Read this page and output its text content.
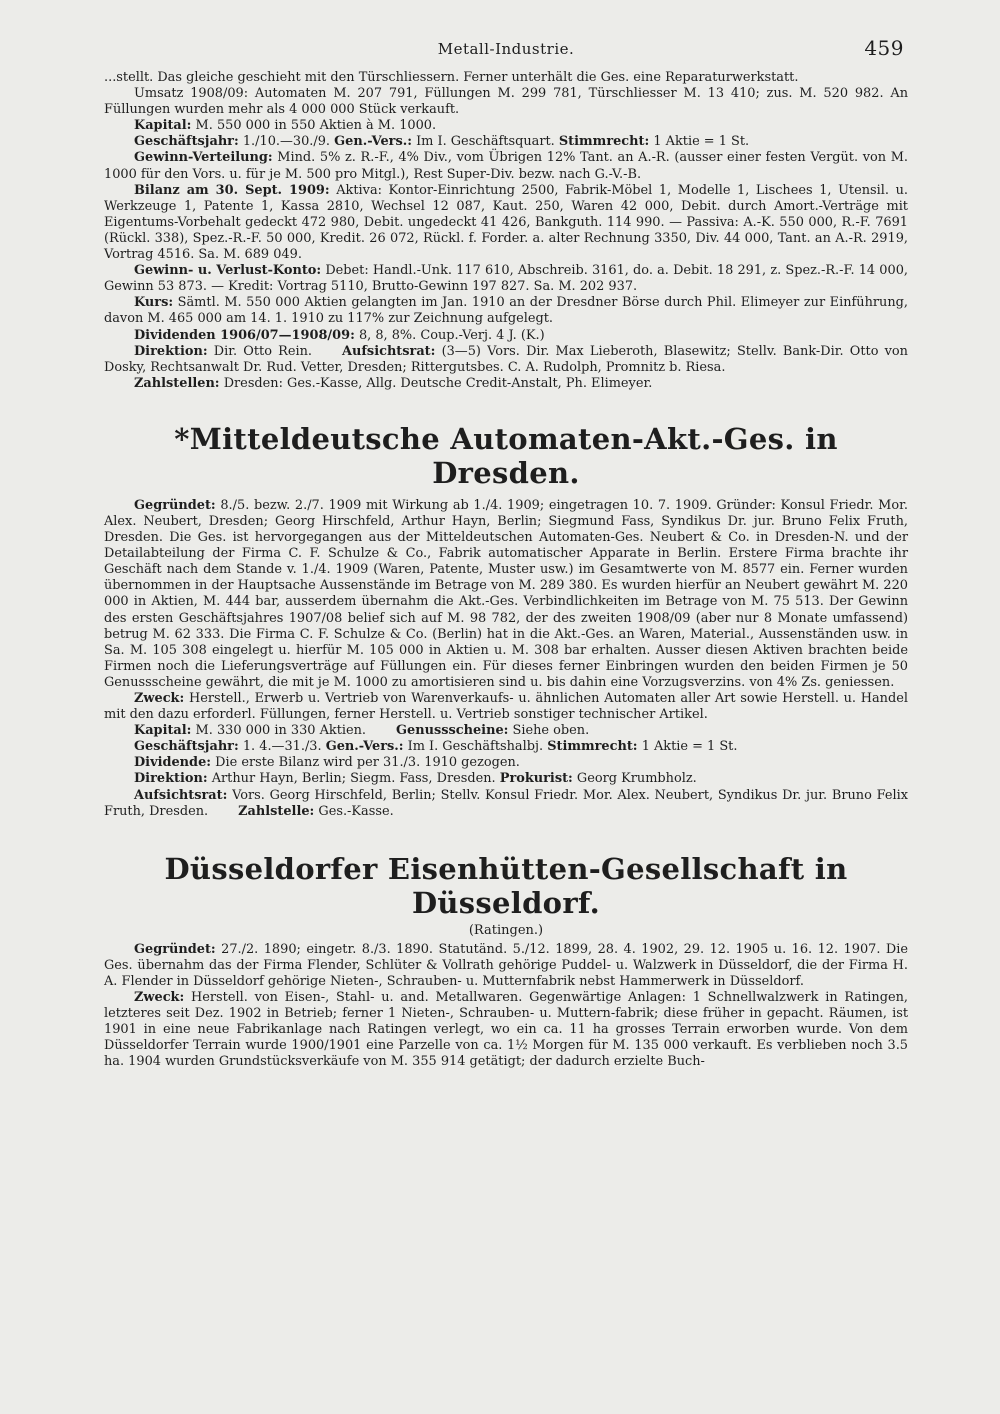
Metall-Industrie.	459

...stellt. Das gleiche geschieht mit den Türschliessern. Ferner unterhält die Ges. eine Reparaturwerkstatt.

Umsatz 1908/09: Automaten M. 207 791, Füllungen M. 299 781, Türschliesser M. 13 410; zus. M. 520 982. An Füllungen wurden mehr als 4 000 000 Stück verkauft.

Kapital: M. 550 000 in 550 Aktien à M. 1000.

Geschäftsjahr: 1./10.—30./9. Gen.-Vers.: Im I. Geschäftsquart. Stimmrecht: 1 Aktie = 1 St.

Gewinn-Verteilung: Mind. 5% z. R.-F., 4% Div., vom Übrigen 12% Tant. an A.-R. (ausser einer festen Vergüt. von M. 1000 für den Vors. u. für je M. 500 pro Mitgl.), Rest Super-Div. bezw. nach G.-V.-B.

Bilanz am 30. Sept. 1909: Aktiva: Kontor-Einrichtung 2500, Fabrik-Möbel 1, Modelle 1, Lischees 1, Utensil. u. Werkzeuge 1, Patente 1, Kassa 2810, Wechsel 12 087, Kaut. 250, Waren 42 000, Debit. durch Amort.-Verträge mit Eigentums-Vorbehalt gedeckt 472 980, Debit. ungedeckt 41 426, Bankguth. 114 990. — Passiva: A.-K. 550 000, R.-F. 7691 (Rückl. 338), Spez.-R.-F. 50 000, Kredit. 26 072, Rückl. f. Forder. a. alter Rechnung 3350, Div. 44 000, Tant. an A.-R. 2919, Vortrag 4516. Sa. M. 689 049.

Gewinn- u. Verlust-Konto: Debet: Handl.-Unk. 117 610, Abschreib. 3161, do. a. Debit. 18 291, z. Spez.-R.-F. 14 000, Gewinn 53 873. — Kredit: Vortrag 5110, Brutto-Gewinn 197 827. Sa. M. 202 937.

Kurs: Sämtl. M. 550 000 Aktien gelangten im Jan. 1910 an der Dresdner Börse durch Phil. Elimeyer zur Einführung, davon M. 465 000 am 14. 1. 1910 zu 117% zur Zeichnung aufgelegt.

Dividenden 1906/07—1908/09: 8, 8, 8%. Coup.-Verj. 4 J. (K.)

Direktion: Dir. Otto Rein. Aufsichtsrat: (3—5) Vors. Dir. Max Lieberoth, Blasewitz; Stellv. Bank-Dir. Otto von Dosky, Rechtsanwalt Dr. Rud. Vetter, Dresden; Rittergutsbes. C. A. Rudolph, Promnitz b. Riesa.

Zahlstellen: Dresden: Ges.-Kasse, Allg. Deutsche Credit-Anstalt, Ph. Elimeyer.

*Mitteldeutsche Automaten-Akt.-Ges. in Dresden.

Gegründet: 8./5. bezw. 2./7. 1909 mit Wirkung ab 1./4. 1909; eingetragen 10. 7. 1909. Gründer: Konsul Friedr. Mor. Alex. Neubert, Dresden; Georg Hirschfeld, Arthur Hayn, Berlin; Siegmund Fass, Syndikus Dr. jur. Bruno Felix Fruth, Dresden. Die Ges. ist hervorgegangen aus der Mitteldeutschen Automaten-Ges. Neubert & Co. in Dresden-N. und der Detailabteilung der Firma C. F. Schulze & Co., Fabrik automatischer Apparate in Berlin. Erstere Firma brachte ihr Geschäft nach dem Stande v. 1./4. 1909 (Waren, Patente, Muster usw.) im Gesamtwerte von M. 8577 ein. Ferner wurden übernommen in der Hauptsache Aussenstände im Betrage von M. 289 380. Es wurden hierfür an Neubert gewährt M. 220 000 in Aktien, M. 444 bar, ausserdem übernahm die Akt.-Ges. Verbindlichkeiten im Betrage von M. 75 513. Der Gewinn des ersten Geschäftsjahres 1907/08 belief sich auf M. 98 782, der des zweiten 1908/09 (aber nur 8 Monate umfassend) betrug M. 62 333. Die Firma C. F. Schulze & Co. (Berlin) hat in die Akt.-Ges. an Waren, Material., Aussenständen usw. in Sa. M. 105 308 eingelegt u. hierfür M. 105 000 in Aktien u. M. 308 bar erhalten. Ausser diesen Aktiven brachten beide Firmen noch die Lieferungsverträge auf Füllungen ein. Für dieses ferner Einbringen wurden den beiden Firmen je 50 Genussscheine gewährt, die mit je M. 1000 zu amortisieren sind u. bis dahin eine Vorzugsverzins. von 4% Zs. geniessen.

Zweck: Herstell., Erwerb u. Vertrieb von Warenverkaufs- u. ähnlichen Automaten aller Art sowie Herstell. u. Handel mit den dazu erforderl. Füllungen, ferner Herstell. u. Vertrieb sonstiger technischer Artikel.

Kapital: M. 330 000 in 330 Aktien. Genussscheine: Siehe oben.

Geschäftsjahr: 1. 4.—31./3. Gen.-Vers.: Im I. Geschäftshalbj. Stimmrecht: 1 Aktie = 1 St.

Dividende: Die erste Bilanz wird per 31./3. 1910 gezogen.

Direktion: Arthur Hayn, Berlin; Siegm. Fass, Dresden. Prokurist: Georg Krumbholz.

Aufsichtsrat: Vors. Georg Hirschfeld, Berlin; Stellv. Konsul Friedr. Mor. Alex. Neubert, Syndikus Dr. jur. Bruno Felix Fruth, Dresden. Zahlstelle: Ges.-Kasse.

Düsseldorfer Eisenhütten-Gesellschaft in Düsseldorf.
(Ratingen.)

Gegründet: 27./2. 1890; eingetr. 8./3. 1890. Statutänd. 5./12. 1899, 28. 4. 1902, 29. 12. 1905 u. 16. 12. 1907. Die Ges. übernahm das der Firma Flender, Schlüter & Vollrath gehörige Puddel- u. Walzwerk in Düsseldorf, die der Firma H. A. Flender in Düsseldorf gehörige Nieten-, Schrauben- u. Mutternfabrik nebst Hammerwerk in Düsseldorf.

Zweck: Herstell. von Eisen-, Stahl- u. and. Metallwaren. Gegenwärtige Anlagen: 1 Schnellwalzwerk in Ratingen, letzteres seit Dez. 1902 in Betrieb; ferner 1 Nieten-, Schrauben- u. Muttern-fabrik; diese früher in gepacht. Räumen, ist 1901 in eine neue Fabrikanlage nach Ratingen verlegt, wo ein ca. 11 ha grosses Terrain erworben wurde. Von dem Düsseldorfer Terrain wurde 1900/1901 eine Parzelle von ca. 1½ Morgen für M. 135 000 verkauft. Es verblieben noch 3.5 ha. 1904 wurden Grundstücksverkäufe von M. 355 914 getätigt; der dadurch erzielte Buch-
